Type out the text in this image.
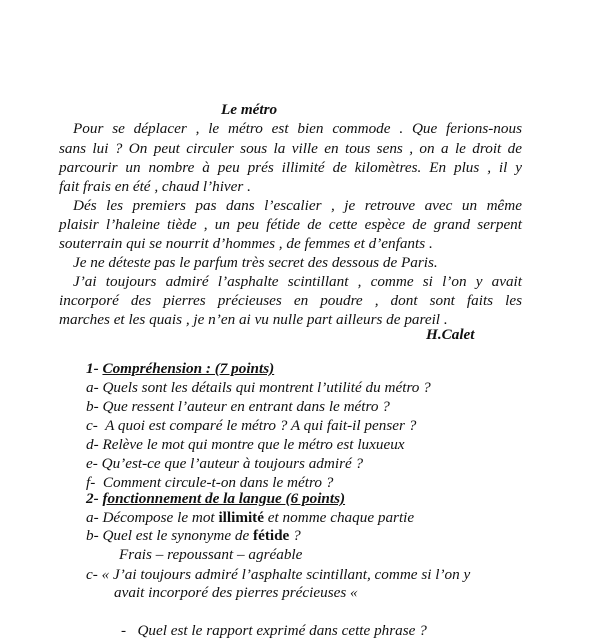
Le métro
Pour se déplacer , le métro est bien commode . Que ferions-nous
sans lui ? On peut circuler sous la ville en tous sens , on a le droit de
parcourir un nombre à peu prés illimité de kilomètres. En plus , il y
fait frais en été , chaud l’hiver .
Dés les premiers pas dans l’escalier , je retrouve avec un même
plaisir l’haleine tiède , un peu fétide de cette espèce de grand serpent
souterrain qui se nourrit d’hommes , de femmes et d’enfants .
Je ne déteste pas le parfum très secret des dessous de Paris.
J’ai toujours admiré l’asphalte scintillant , comme si l’on y avait
incorporé des pierres précieuses en poudre , dont sont faits les
marches et les quais , je n’en ai vu nulle part ailleurs de pareil .
H.Calet
1- Compréhension : (7 points)
a- Quels sont les détails qui montrent l’utilité du métro ?
b- Que ressent l’auteur en entrant dans le métro ?
c-  A quoi est comparé le métro ? A qui fait-il penser ?
d- Relève le mot qui montre que le métro est luxueux
e- Qu’est-ce que l’auteur à toujours admiré ?
f-  Comment circule-t-on dans le métro ?
2- fonctionnement de la langue (6 points)
a- Décompose le mot illimité et nomme chaque partie
b- Quel est le synonyme de fétide ?
Frais – repoussant – agréable
c- « J’ai toujours admiré l’asphalte scintillant, comme si l’on y
avait incorporé des pierres précieuses «
-   Quel est le rapport exprimé dans cette phrase ?
